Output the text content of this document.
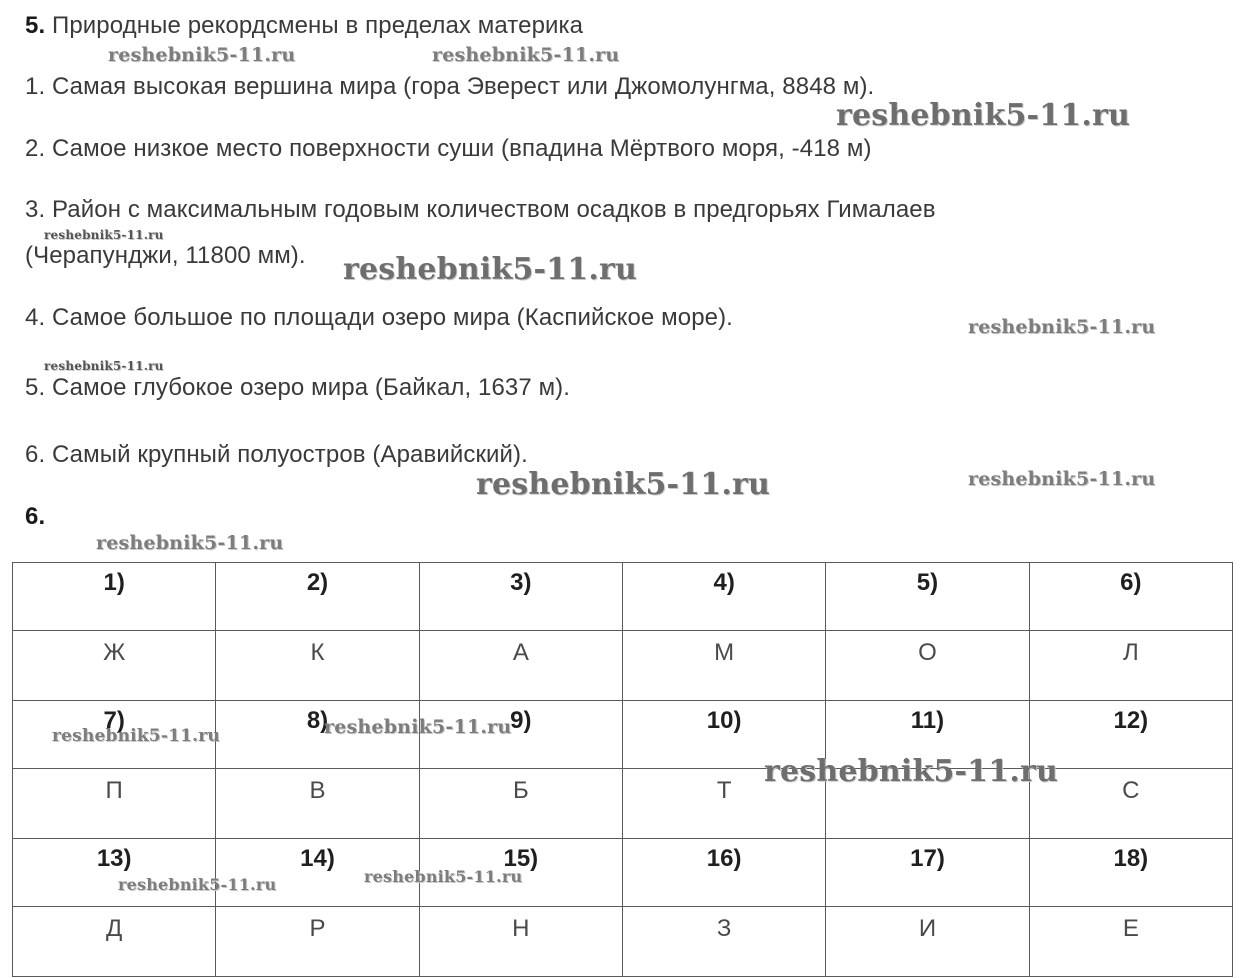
5. Природные рекордсмены в пределах материка
1. Самая высокая вершина мира (гора Эверест или Джомолунгма, 8848 м).
2. Самое низкое место поверхности суши (впадина Мёртвого моря, -418 м)
3. Район с максимальным годовым количеством осадков в предгорьях Гималаев
(Черапунджи, 11800 мм).
4. Самое большое по площади озеро мира (Каспийское море).
5. Самое глубокое озеро мира (Байкал, 1637 м).
6. Самый крупный полуостров (Аравийский).
6.
1)	2)	3)	4)	5)	6)
Ж	К	А	М	О	Л
7)	8)	9)	10)	11)	12)
П	В	Б	Т		С
13)	14)	15)	16)	17)	18)
Д	Р	Н	З	И	Е
reshebnik5-11.ru	reshebnik5-11.ru
reshebnik5-11.ru
reshebnik5-11.ru
reshebnik5-11.ru
reshebnik5-11.ru
reshebnik5-11.ru
reshebnik5-11.ru	reshebnik5-11.ru
reshebnik5-11.ru
reshebnik5-11.ru
reshebnik5-11.ru
reshebnik5-11.ru
reshebnik5-11.ru	reshebnik5-11.ru
